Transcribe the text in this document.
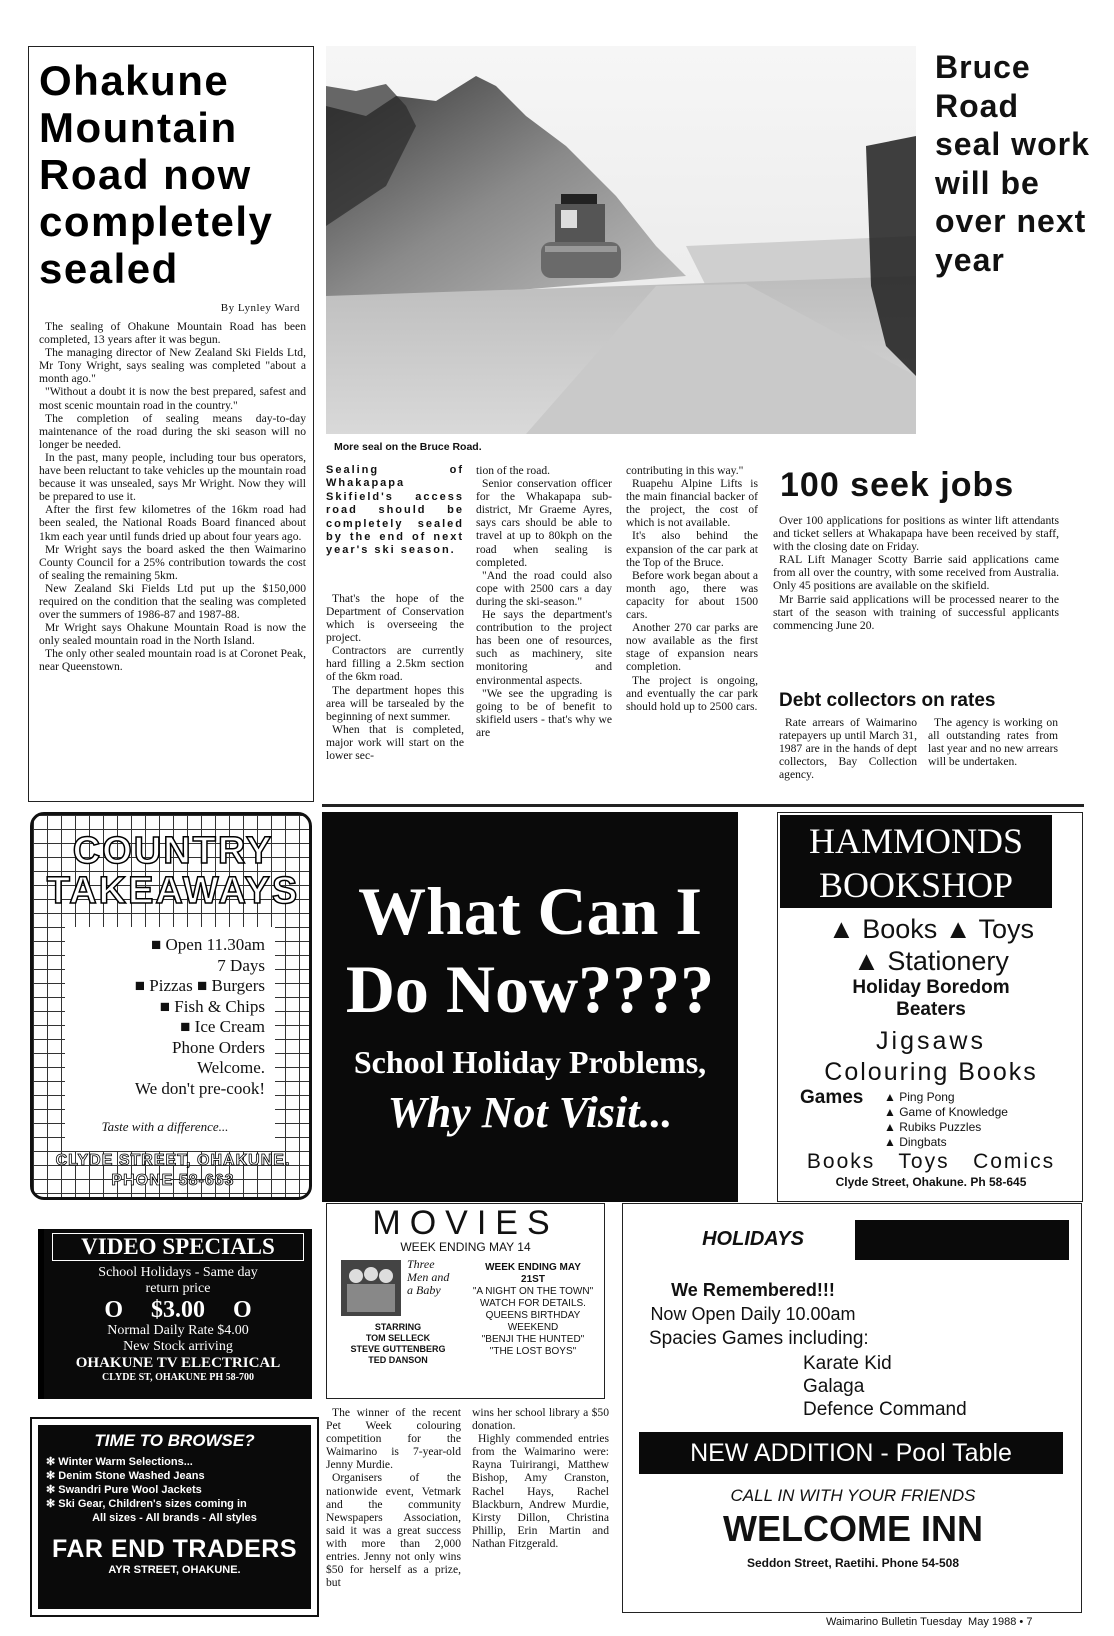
Ohakune Mountain Road now completely sealed
By Lynley Ward

The sealing of Ohakune Mountain Road has been completed, 13 years after it was begun.

The managing director of New Zealand Ski Fields Ltd, Mr Tony Wright, says sealing was completed "about a month ago."

"Without a doubt it is now the best prepared, safest and most scenic mountain road in the country."

The completion of sealing means day-to-day maintenance of the road during the ski season will no longer be needed.

In the past, many people, including tour bus operators, have been reluctant to take vehicles up the mountain road because it was unsealed, says Mr Wright. Now they will be prepared to use it.

After the first few kilometres of the 16km road had been sealed, the National Roads Board financed about 1km each year until funds dried up about four years ago.

Mr Wright says the board asked the then Waimarino County Council for a 25% contribution towards the cost of sealing the remaining 5km.

New Zealand Ski Fields Ltd put up the $150,000 required on the condition that the sealing was completed over the summers of 1986-87 and 1987-88.

Mr Wright says Ohakune Mountain Road is now the only sealed mountain road in the North Island.

The only other sealed mountain road is at Coronet Peak, near Queenstown.

More seal on the Bruce Road.
Bruce Road seal work will be over next year
Sealing of Whakapapa Skifield's access road should be completely sealed by the end of next year's ski season.

That's the hope of the Department of Conservation which is overseeing the project.

Contractors are currently hard filling a 2.5km section of the 6km road.

The department hopes this area will be tarsealed by the beginning of next summer.

When that is completed, major work will start on the lower sec-

tion of the road.

Senior conservation officer for the Whakapapa sub-district, Mr Graeme Ayres, says cars should be able to travel at up to 80kph on the road when sealing is completed.

"And the road could also cope with 2500 cars a day during the ski-season."

He says the department's contribution to the project has been one of resources, such as machinery, site monitoring and environmental aspects.

"We see the upgrading is going to be of benefit to skifield users - that's why we are

contributing in this way."

Ruapehu Alpine Lifts is the main financial backer of the project, the cost of which is not available.

It's also behind the expansion of the car park at the Top of the Bruce.

Before work began about a month ago, there was capacity for about 1500 cars.

Another 270 car parks are now available as the first stage of expansion nears completion.

The project is ongoing, and eventually the car park should hold up to 2500 cars.

100 seek jobs

Over 100 applications for positions as winter lift attendants and ticket sellers at Whakapapa have been received by staff, with the closing date on Friday.

RAL Lift Manager Scotty Barrie said applications came from all over the country, with some received from Australia. Only 45 positions are available on the skifield.

Mr Barrie said applications will be processed nearer to the start of the season with training of successful applicants commencing June 20.

Debt collectors on rates

Rate arrears of Waimarino ratepayers up until March 31, 1987 are in the hands of dept collectors, Bay Collection agency.

The agency is working on all outstanding rates from last year and no new arrears will be undertaken.

COUNTRY
TAKEAWAYS
■ Open 11.30am
7 Days
■ Pizzas ■ Burgers
■ Fish & Chips
■ Ice Cream
Phone Orders
Welcome.
We don't pre-cook!
Taste with a difference...
CLYDE STREET, OHAKUNE.
PHONE 58-663
What Can I
Do Now????
School Holiday Problems,
Why Not Visit...
HAMMONDS
BOOKSHOP
▲ Books ▲ Toys
▲ Stationery
Holiday Boredom
Beaters
Jigsaws
Colouring Books
Games ▲ Ping Pong
▲ Game of Knowledge
▲ Rubiks Puzzles
▲ Dingbats
Books   Toys   Comics
Clyde Street, Ohakune. Ph 58-645
VIDEO SPECIALS
School Holidays - Same day
return price
O $3.00 O
Normal Daily Rate $4.00
New Stock arriving
OHAKUNE TV ELECTRICAL
CLYDE ST, OHAKUNE PH 58-700
TIME TO BROWSE?
✻ Winter Warm Selections...
✻ Denim Stone Washed Jeans
✻ Swandri Pure Wool Jackets
✻ Ski Gear, Children's sizes coming in
All sizes - All brands - All styles
FAR END TRADERS
AYR STREET, OHAKUNE.
MOVIES
WEEK ENDING MAY 14
Three Men and a Baby
STARRING
TOM SELLECK
STEVE GUTTENBERG
TED DANSON
WEEK ENDING MAY
21ST
"A NIGHT ON THE TOWN"
WATCH FOR DETAILS.
QUEENS BIRTHDAY WEEKEND
"BENJI THE HUNTED"
"THE LOST BOYS"

The winner of the recent Pet Week colouring competition for the Waimarino is 7-year-old Jenny Murdie.

Organisers of the nationwide event, Vetmark and the community Newspapers Association, said it was a great success with more than 2,000 entries. Jenny not only wins $50 for herself as a prize, but

wins her school library a $50 donation.

Highly commended entries from the Waimarino were: Rayna Tuirirangi, Matthew Bishop, Amy Cranston, Rachel Hays, Rachel Blackburn, Andrew Murdie, Kirsty Dillon, Christina Phillip, Erin Martin and Nathan Fitzgerald.

HOLIDAYS
We Remembered!!!
Now Open Daily 10.00am
Spacies Games including:
Karate Kid
Galaga
Defence Command
NEW ADDITION - Pool Table
CALL IN WITH YOUR FRIENDS
WELCOME INN
Seddon Street, Raetihi. Phone 54-508
Waimarino Bulletin Tuesday  May 1988 • 7
